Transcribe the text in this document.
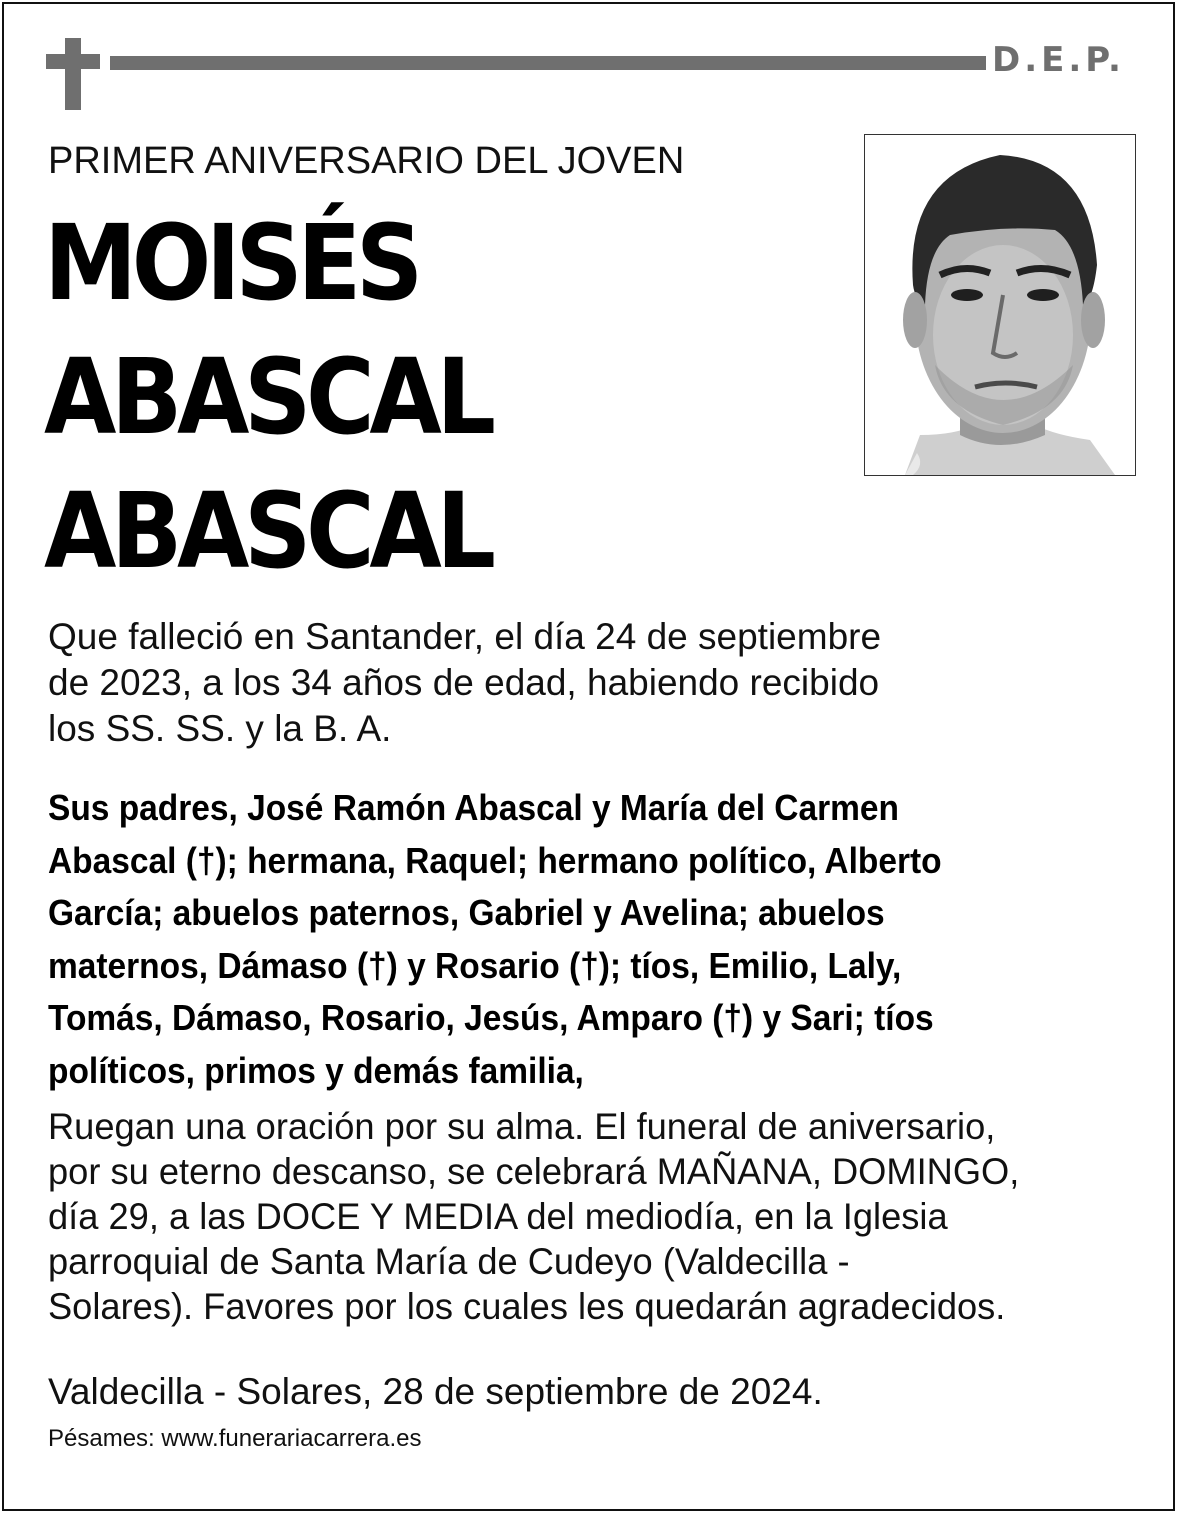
D.E.P.
PRIMER ANIVERSARIO DEL JOVEN
MOISÉS
ABASCAL
ABASCAL
Que falleció en Santander, el día 24 de septiembre
de 2023, a los 34 años de edad, habiendo recibido
los SS. SS. y la B. A.
Sus padres, José Ramón Abascal y María del Carmen
Abascal (†); hermana, Raquel; hermano político, Alberto
García; abuelos paternos, Gabriel y Avelina; abuelos
maternos, Dámaso (†) y Rosario (†); tíos, Emilio, Laly,
Tomás, Dámaso, Rosario, Jesús, Amparo (†) y Sari; tíos
políticos, primos y demás familia,
Ruegan una oración por su alma. El funeral de aniversario,
por su eterno descanso, se celebrará MAÑANA, DOMINGO,
día 29, a las DOCE Y MEDIA del mediodía, en la Iglesia
parroquial de Santa María de Cudeyo (Valdecilla -
Solares). Favores por los cuales les quedarán agradecidos.
Valdecilla - Solares, 28 de septiembre de 2024.
Pésames: www.funerariacarrera.es
